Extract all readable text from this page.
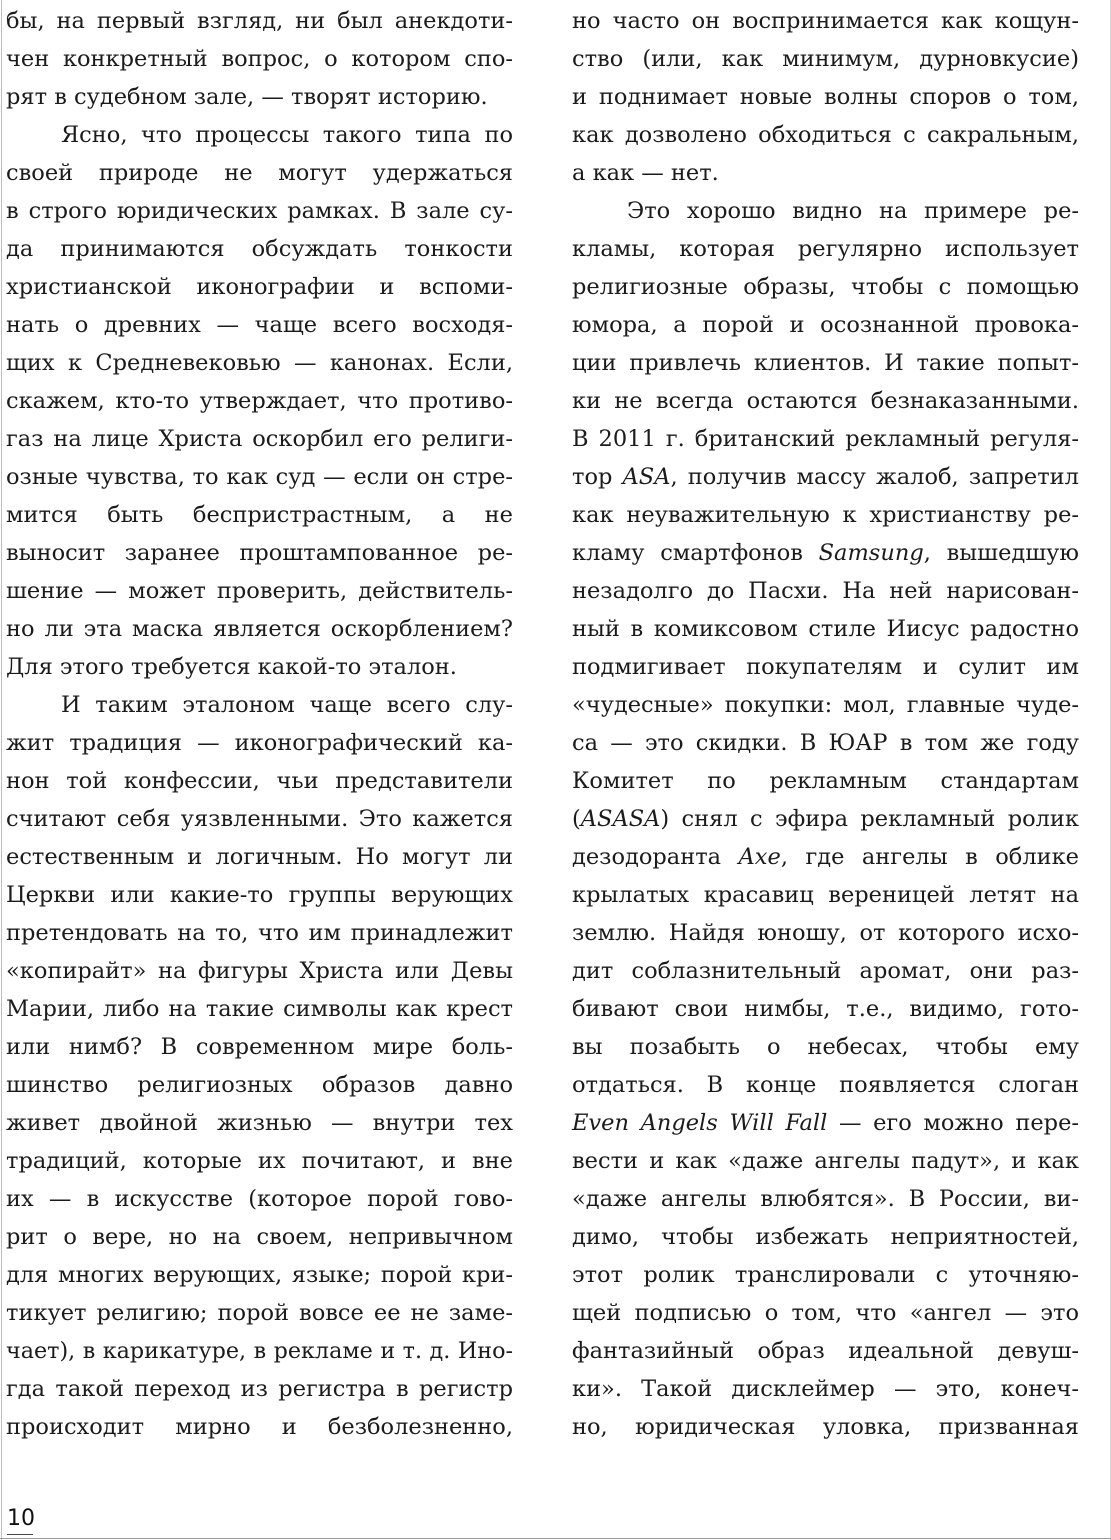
бы, на первый взгляд, ни был анекдоти-
чен конкретный вопрос, о котором спо-
рят в судебном зале, — творят историю.
Ясно, что процессы такого типа по
своей природе не могут удержаться
в строго юридических рамках. В зале су-
да принимаются обсуждать тонкости
христианской иконографии и вспоми-
нать о древних — чаще всего восходя-
щих к Средневековью — канонах. Если,
скажем, кто-то утверждает, что противо-
газ на лице Христа оскорбил его религи-
озные чувства, то как суд — если он стре-
мится быть беспристрастным, а не
выносит заранее проштампованное ре-
шение — может проверить, действитель-
но ли эта маска является оскорблением?
Для этого требуется какой-то эталон.
И таким эталоном чаще всего слу-
жит традиция — иконографический ка-
нон той конфессии, чьи представители
считают себя уязвленными. Это кажется
естественным и логичным. Но могут ли
Церкви или какие-то группы верующих
претендовать на то, что им принадлежит
«копирайт» на фигуры Христа или Девы
Марии, либо на такие символы как крест
или нимб? В современном мире боль-
шинство религиозных образов давно
живет двойной жизнью — внутри тех
традиций, которые их почитают, и вне
их — в искусстве (которое порой гово-
рит о вере, но на своем, непривычном
для многих верующих, языке; порой кри-
тикует религию; порой вовсе ее не заме-
чает), в карикатуре, в рекламе и т. д. Ино-
гда такой переход из регистра в регистр
происходит мирно и безболезненно,
но часто он воспринимается как кощун-
ство (или, как минимум, дурновкусие)
и поднимает новые волны споров о том,
как дозволено обходиться с сакральным,
а как — нет.
Это хорошо видно на примере ре-
кламы, которая регулярно использует
религиозные образы, чтобы с помощью
юмора, а порой и осознанной провока-
ции привлечь клиентов. И такие попыт-
ки не всегда остаются безнаказанными.
В 2011 г. британский рекламный регуля-
тор ASA, получив массу жалоб, запретил
как неуважительную к христианству ре-
кламу смартфонов Samsung, вышедшую
незадолго до Пасхи. На ней нарисован-
ный в комиксовом стиле Иисус радостно
подмигивает покупателям и сулит им
«чудесные» покупки: мол, главные чуде-
са — это скидки. В ЮАР в том же году
Комитет по рекламным стандартам
(ASASA) снял с эфира рекламный ролик
дезодоранта Axe, где ангелы в облике
крылатых красавиц вереницей летят на
землю. Найдя юношу, от которого исхо-
дит соблазнительный аромат, они раз-
бивают свои нимбы, т.е., видимо, гото-
вы позабыть о небесах, чтобы ему
отдаться. В конце появляется слоган
Even Angels Will Fall — его можно пере-
вести и как «даже ангелы падут», и как
«даже ангелы влюбятся». В России, ви-
димо, чтобы избежать неприятностей,
этот ролик транслировали с уточняю-
щей подписью о том, что «ангел — это
фантазийный образ идеальной девуш-
ки». Такой дисклеймер — это, конеч-
но, юридическая уловка, призванная
10
